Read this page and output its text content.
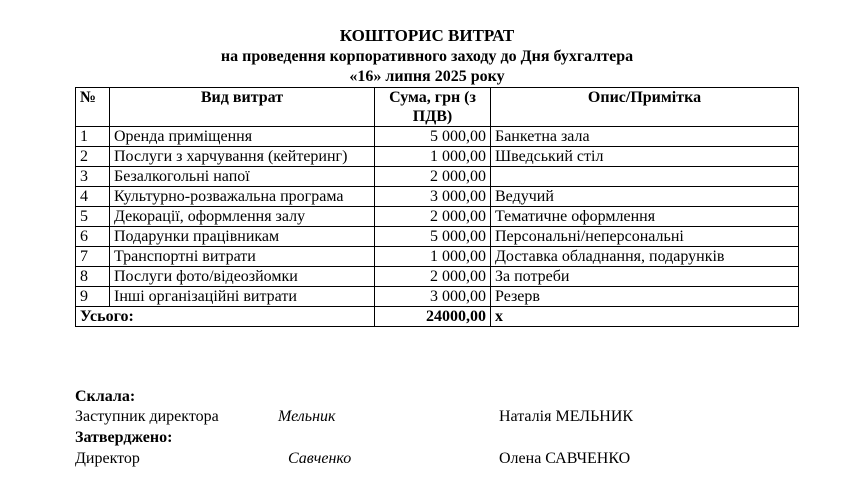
КОШТОРИС ВИТРАТ
на проведення корпоративного заходу до Дня бухгалтера
«16» липня 2025 року
№	Вид витрат	Сума, грн (з ПДВ)	Опис/Примітка
1	Оренда приміщення	5 000,00	Банкетна зала
2	Послуги з харчування (кейтеринг)	1 000,00	Шведський стіл
3	Безалкогольні напої	2 000,00	
4	Культурно-розважальна програма	3 000,00	Ведучий
5	Декорації, оформлення залу	2 000,00	Тематичне оформлення
6	Подарунки працівникам	5 000,00	Персональні/неперсональні
7	Транспортні витрати	1 000,00	Доставка обладнання, подарунків
8	Послуги фото/відеозйомки	2 000,00	За потреби
9	Інші організаційні витрати	3 000,00	Резерв
Усього:		24000,00	x
Склала:
Заступник директора	Мельник	Наталія МЕЛЬНИК
Затверджено:
Директор	Савченко	Олена САВЧЕНКО
